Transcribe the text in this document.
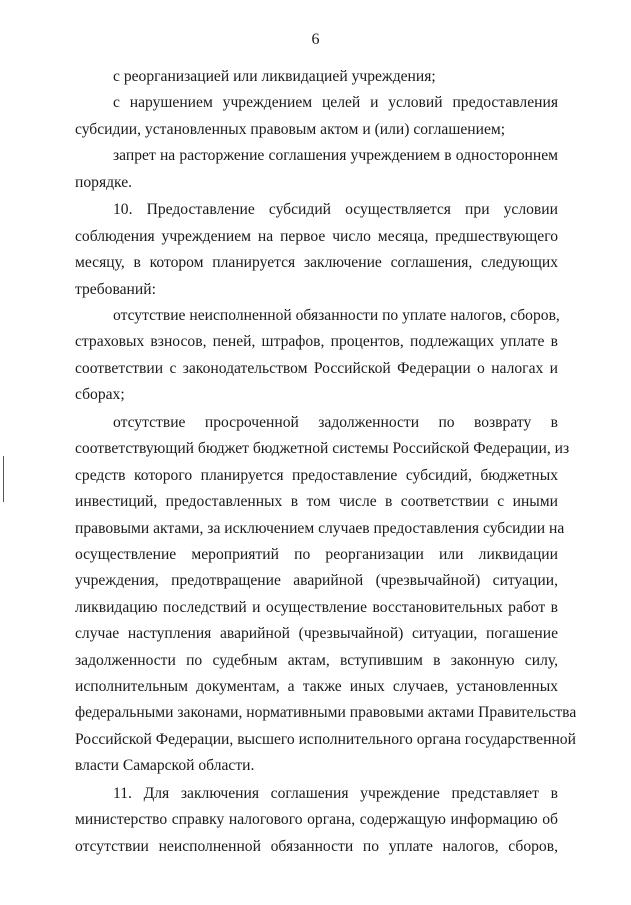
6
с реорганизацией или ликвидацией учреждения;
с нарушением учреждением целей и условий предоставления
субсидии, установленных правовым актом и (или) соглашением;
запрет на расторжение соглашения учреждением в одностороннем
порядке.
10. Предоставление субсидий осуществляется при условии
соблюдения учреждением на первое число месяца, предшествующего
месяцу, в котором планируется заключение соглашения, следующих
требований:
отсутствие неисполненной обязанности по уплате налогов, сборов,
страховых взносов, пеней, штрафов, процентов, подлежащих уплате в
соответствии с законодательством Российской Федерации о налогах и
сборах;
отсутствие просроченной задолженности по возврату в
соответствующий бюджет бюджетной системы Российской Федерации, из
средств которого планируется предоставление субсидий, бюджетных
инвестиций, предоставленных в том числе в соответствии с иными
правовыми актами, за исключением случаев предоставления субсидии на
осуществление мероприятий по реорганизации или ликвидации
учреждения, предотвращение аварийной (чрезвычайной) ситуации,
ликвидацию последствий и осуществление восстановительных работ в
случае наступления аварийной (чрезвычайной) ситуации, погашение
задолженности по судебным актам, вступившим в законную силу,
исполнительным документам, а также иных случаев, установленных
федеральными законами, нормативными правовыми актами Правительства
Российской Федерации, высшего исполнительного органа государственной
власти Самарской области.
11. Для заключения соглашения учреждение представляет в
министерство справку налогового органа, содержащую информацию об
отсутствии неисполненной обязанности по уплате налогов, сборов,
